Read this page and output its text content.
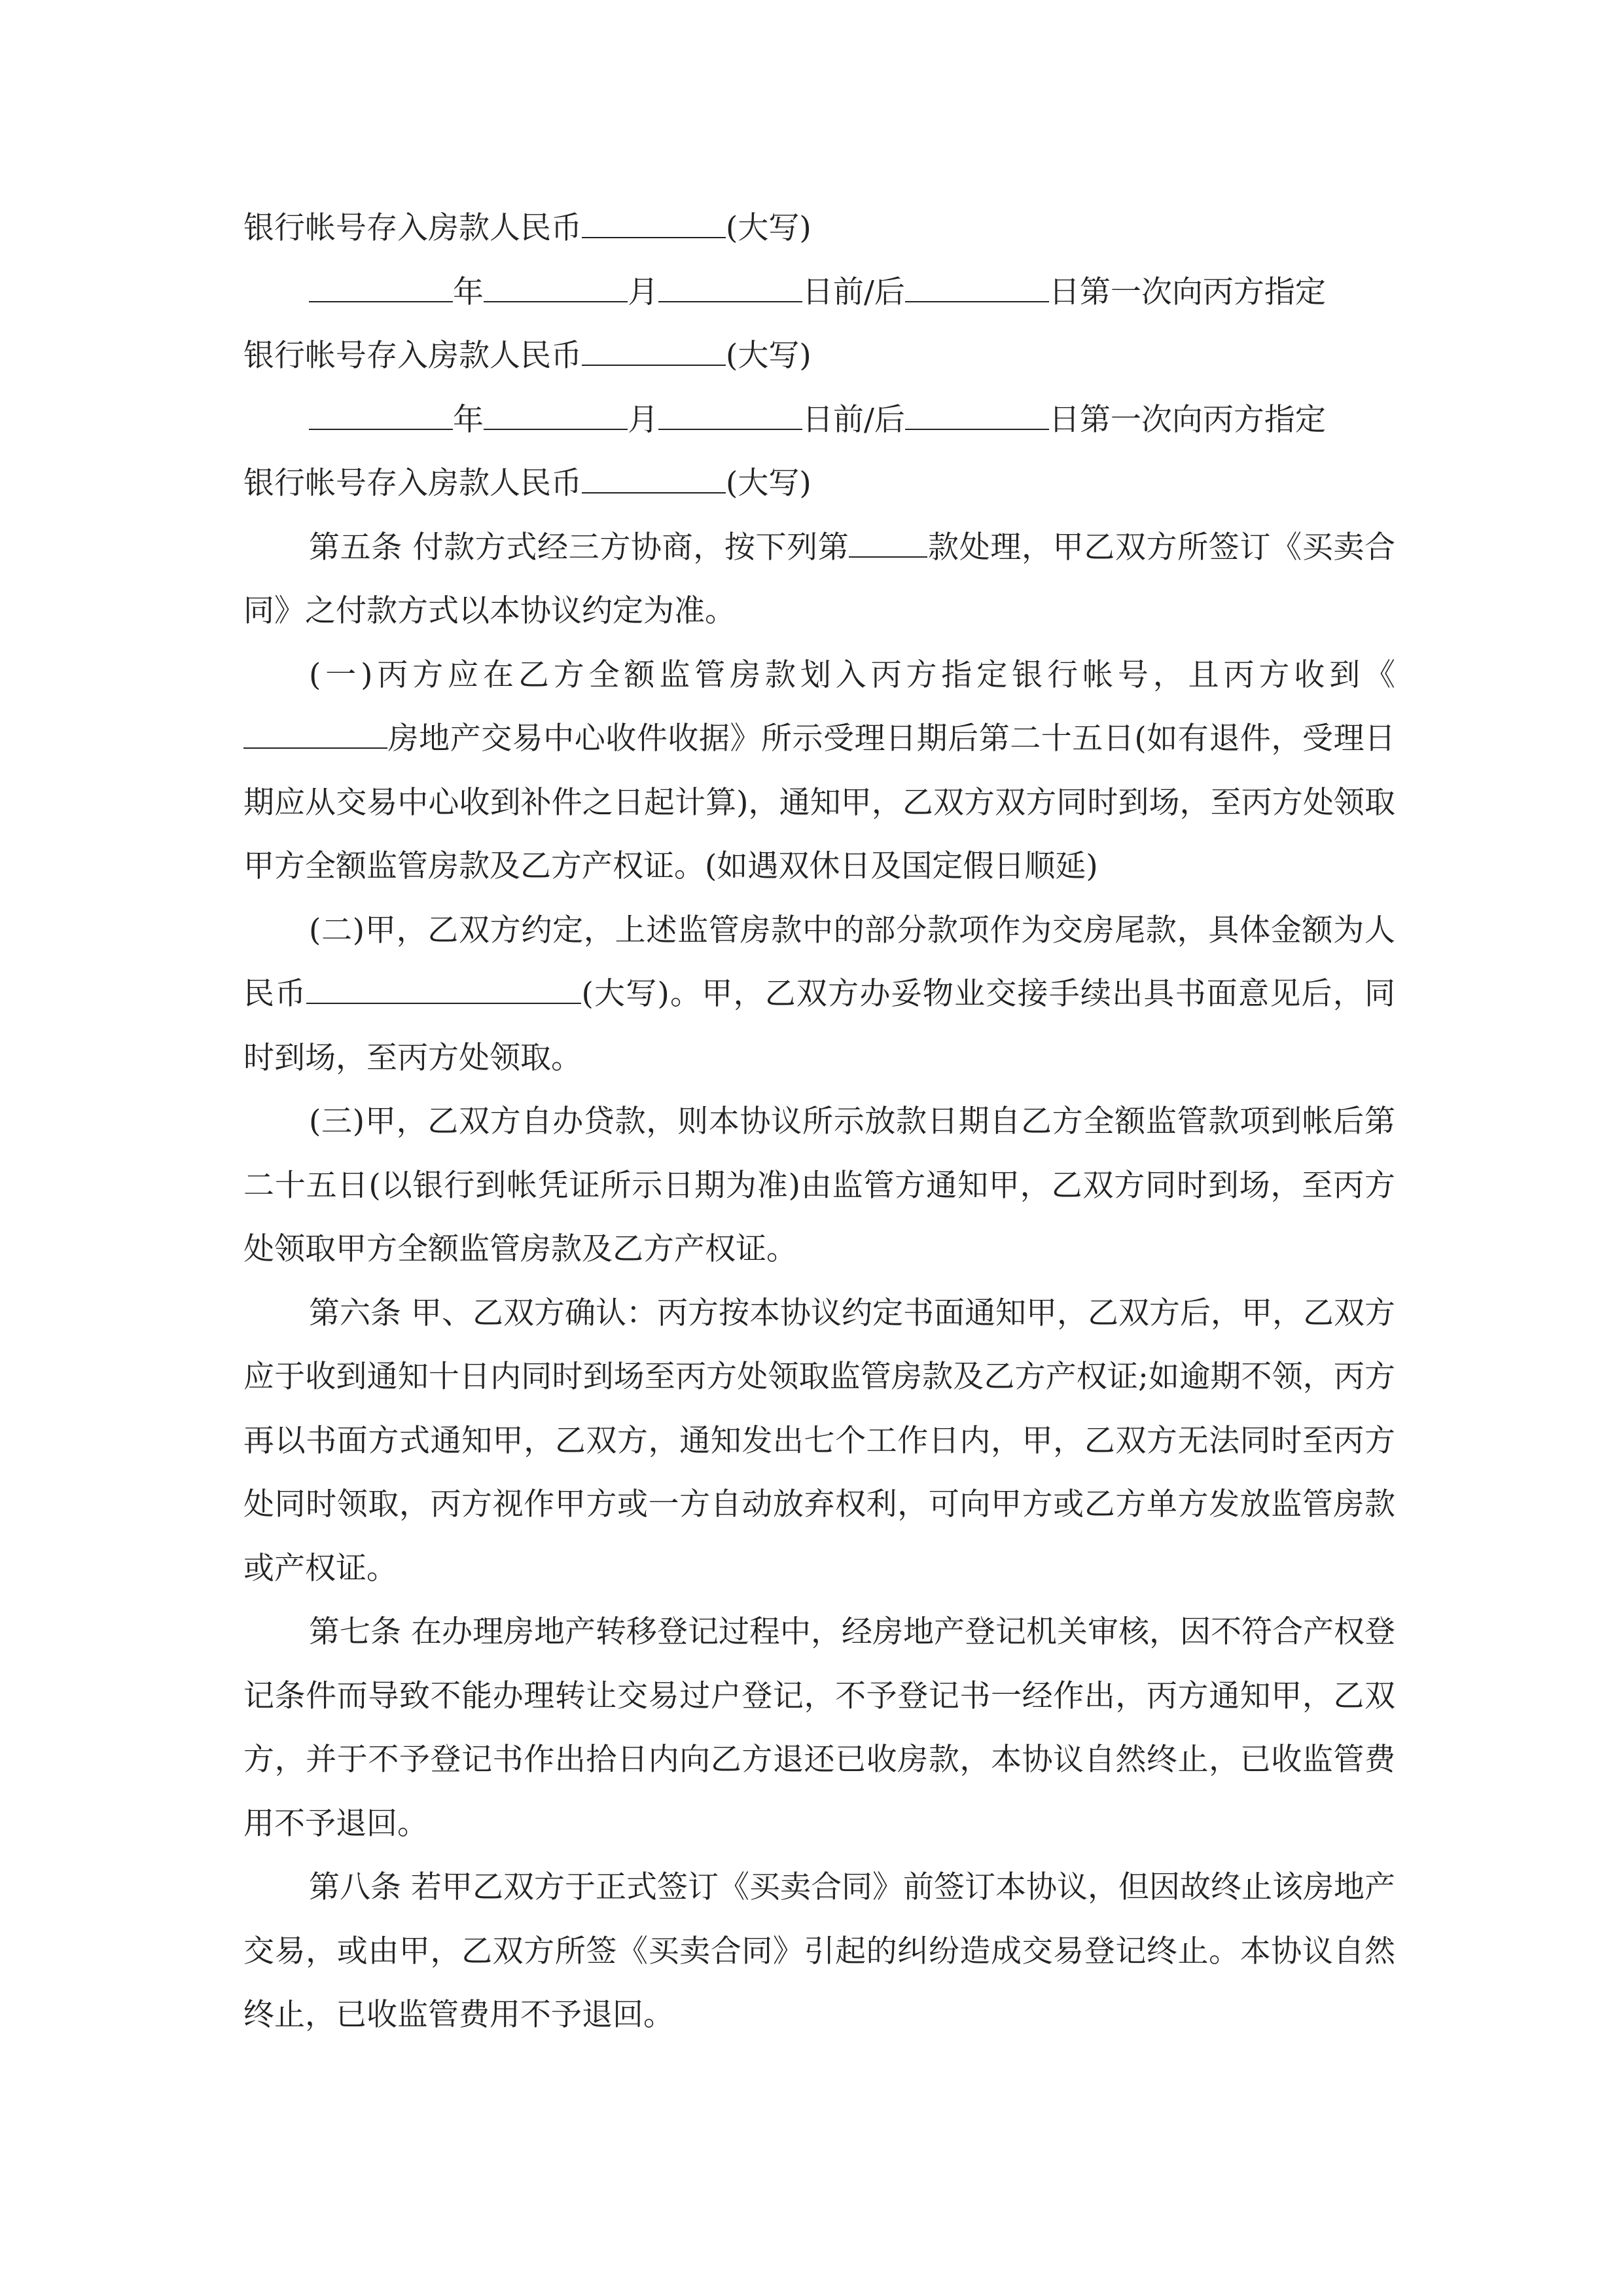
银行帐号存入房款人民币	(大写)

年	月	日前/后	日第一次向丙方指定

银行帐号存入房款人民币	(大写)

年	月	日前/后	日第一次向丙方指定

银行帐号存入房款人民币	(大写)

第五条 付款方式经三方协商，按下列第	款处理，甲乙双方所签订《买卖合同》之付款方式以本协议约定为准。

(一)丙方应在乙方全额监管房款划入丙方指定银行帐号，且丙方收到《房地产交易中心收件收据》所示受理日期后第二十五日(如有退件，受理日期应从交易中心收到补件之日起计算)，通知甲，乙双方双方同时到场，至丙方处领取甲方全额监管房款及乙方产权证。(如遇双休日及国定假日顺延)

(二)甲，乙双方约定，上述监管房款中的部分款项作为交房尾款，具体金额为人民币	(大写)。甲，乙双方办妥物业交接手续出具书面意见后，同时到场，至丙方处领取。

(三)甲，乙双方自办贷款，则本协议所示放款日期自乙方全额监管款项到帐后第二十五日(以银行到帐凭证所示日期为准)由监管方通知甲，乙双方同时到场，至丙方处领取甲方全额监管房款及乙方产权证。

第六条 甲、乙双方确认：丙方按本协议约定书面通知甲，乙双方后，甲，乙双方应于收到通知十日内同时到场至丙方处领取监管房款及乙方产权证;如逾期不领，丙方再以书面方式通知甲，乙双方，通知发出七个工作日内，甲，乙双方无法同时至丙方处同时领取，丙方视作甲方或一方自动放弃权利，可向甲方或乙方单方发放监管房款或产权证。

第七条 在办理房地产转移登记过程中，经房地产登记机关审核，因不符合产权登记条件而导致不能办理转让交易过户登记，不予登记书一经作出，丙方通知甲，乙双方，并于不予登记书作出拾日内向乙方退还已收房款，本协议自然终止，已收监管费用不予退回。

第八条 若甲乙双方于正式签订《买卖合同》前签订本协议，但因故终止该房地产交易，或由甲，乙双方所签《买卖合同》引起的纠纷造成交易登记终止。本协议自然终止，已收监管费用不予退回。
